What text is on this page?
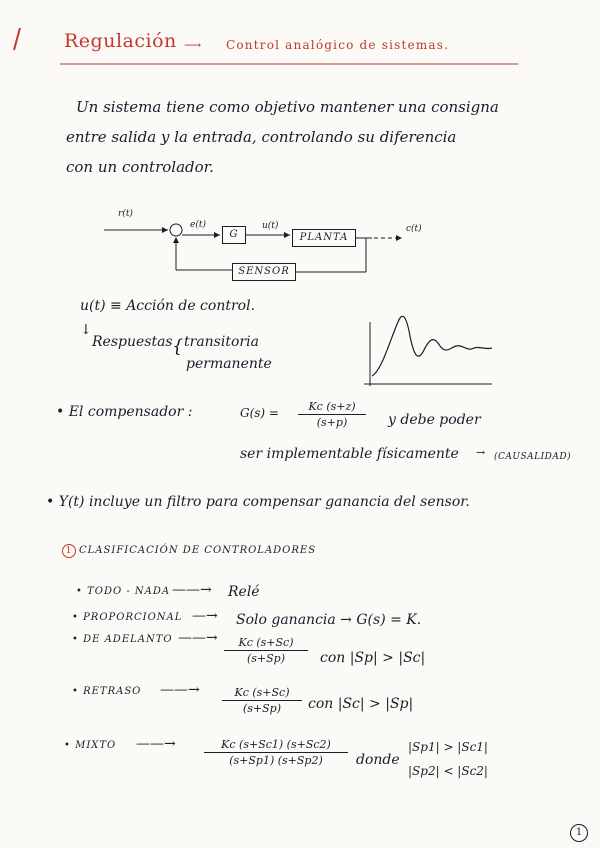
Regulación ⟶ Control analógico de sistemas.
Un sistema tiene como objetivo mantener una consigna
entre salida y la entrada, controlando su diferencia
con un controlador.
r(t)
e(t)	u(t)	c(t)
G	PLANTA
SENSOR
u(t) ≡ Acción de control.
↓
Respuestas { transitoria
permanente
• El compensador :	$G(s) = \frac{Kc (s+z)}{(s+p)}$ y debe poder
ser implementable físicamente → (CAUSALIDAD)
• Y(t) incluye un filtro para compensar ganancia del sensor.
1 CLASIFICACIÓN DE CONTROLADORES
• TODO - NADA ——→ Relé
• PROPORCIONAL —→ Solo ganancia → G(s) = K.
• DE ADELANTO ——→ $\frac{Kc (s+Sc)}{(s+Sp)}$ con |Sp| > |Sc|
• RETRASO ——→ $\frac{Kc (s+Sc)}{(s+Sp)}$ con |Sc| > |Sp|
• MIXTO ——→	$\frac{Kc (s+Sc1) (s+Sc2)}{(s+Sp1) (s+Sp2)}$ donde
|Sp1| > |Sc1|
|Sp2| < |Sc2|
1
